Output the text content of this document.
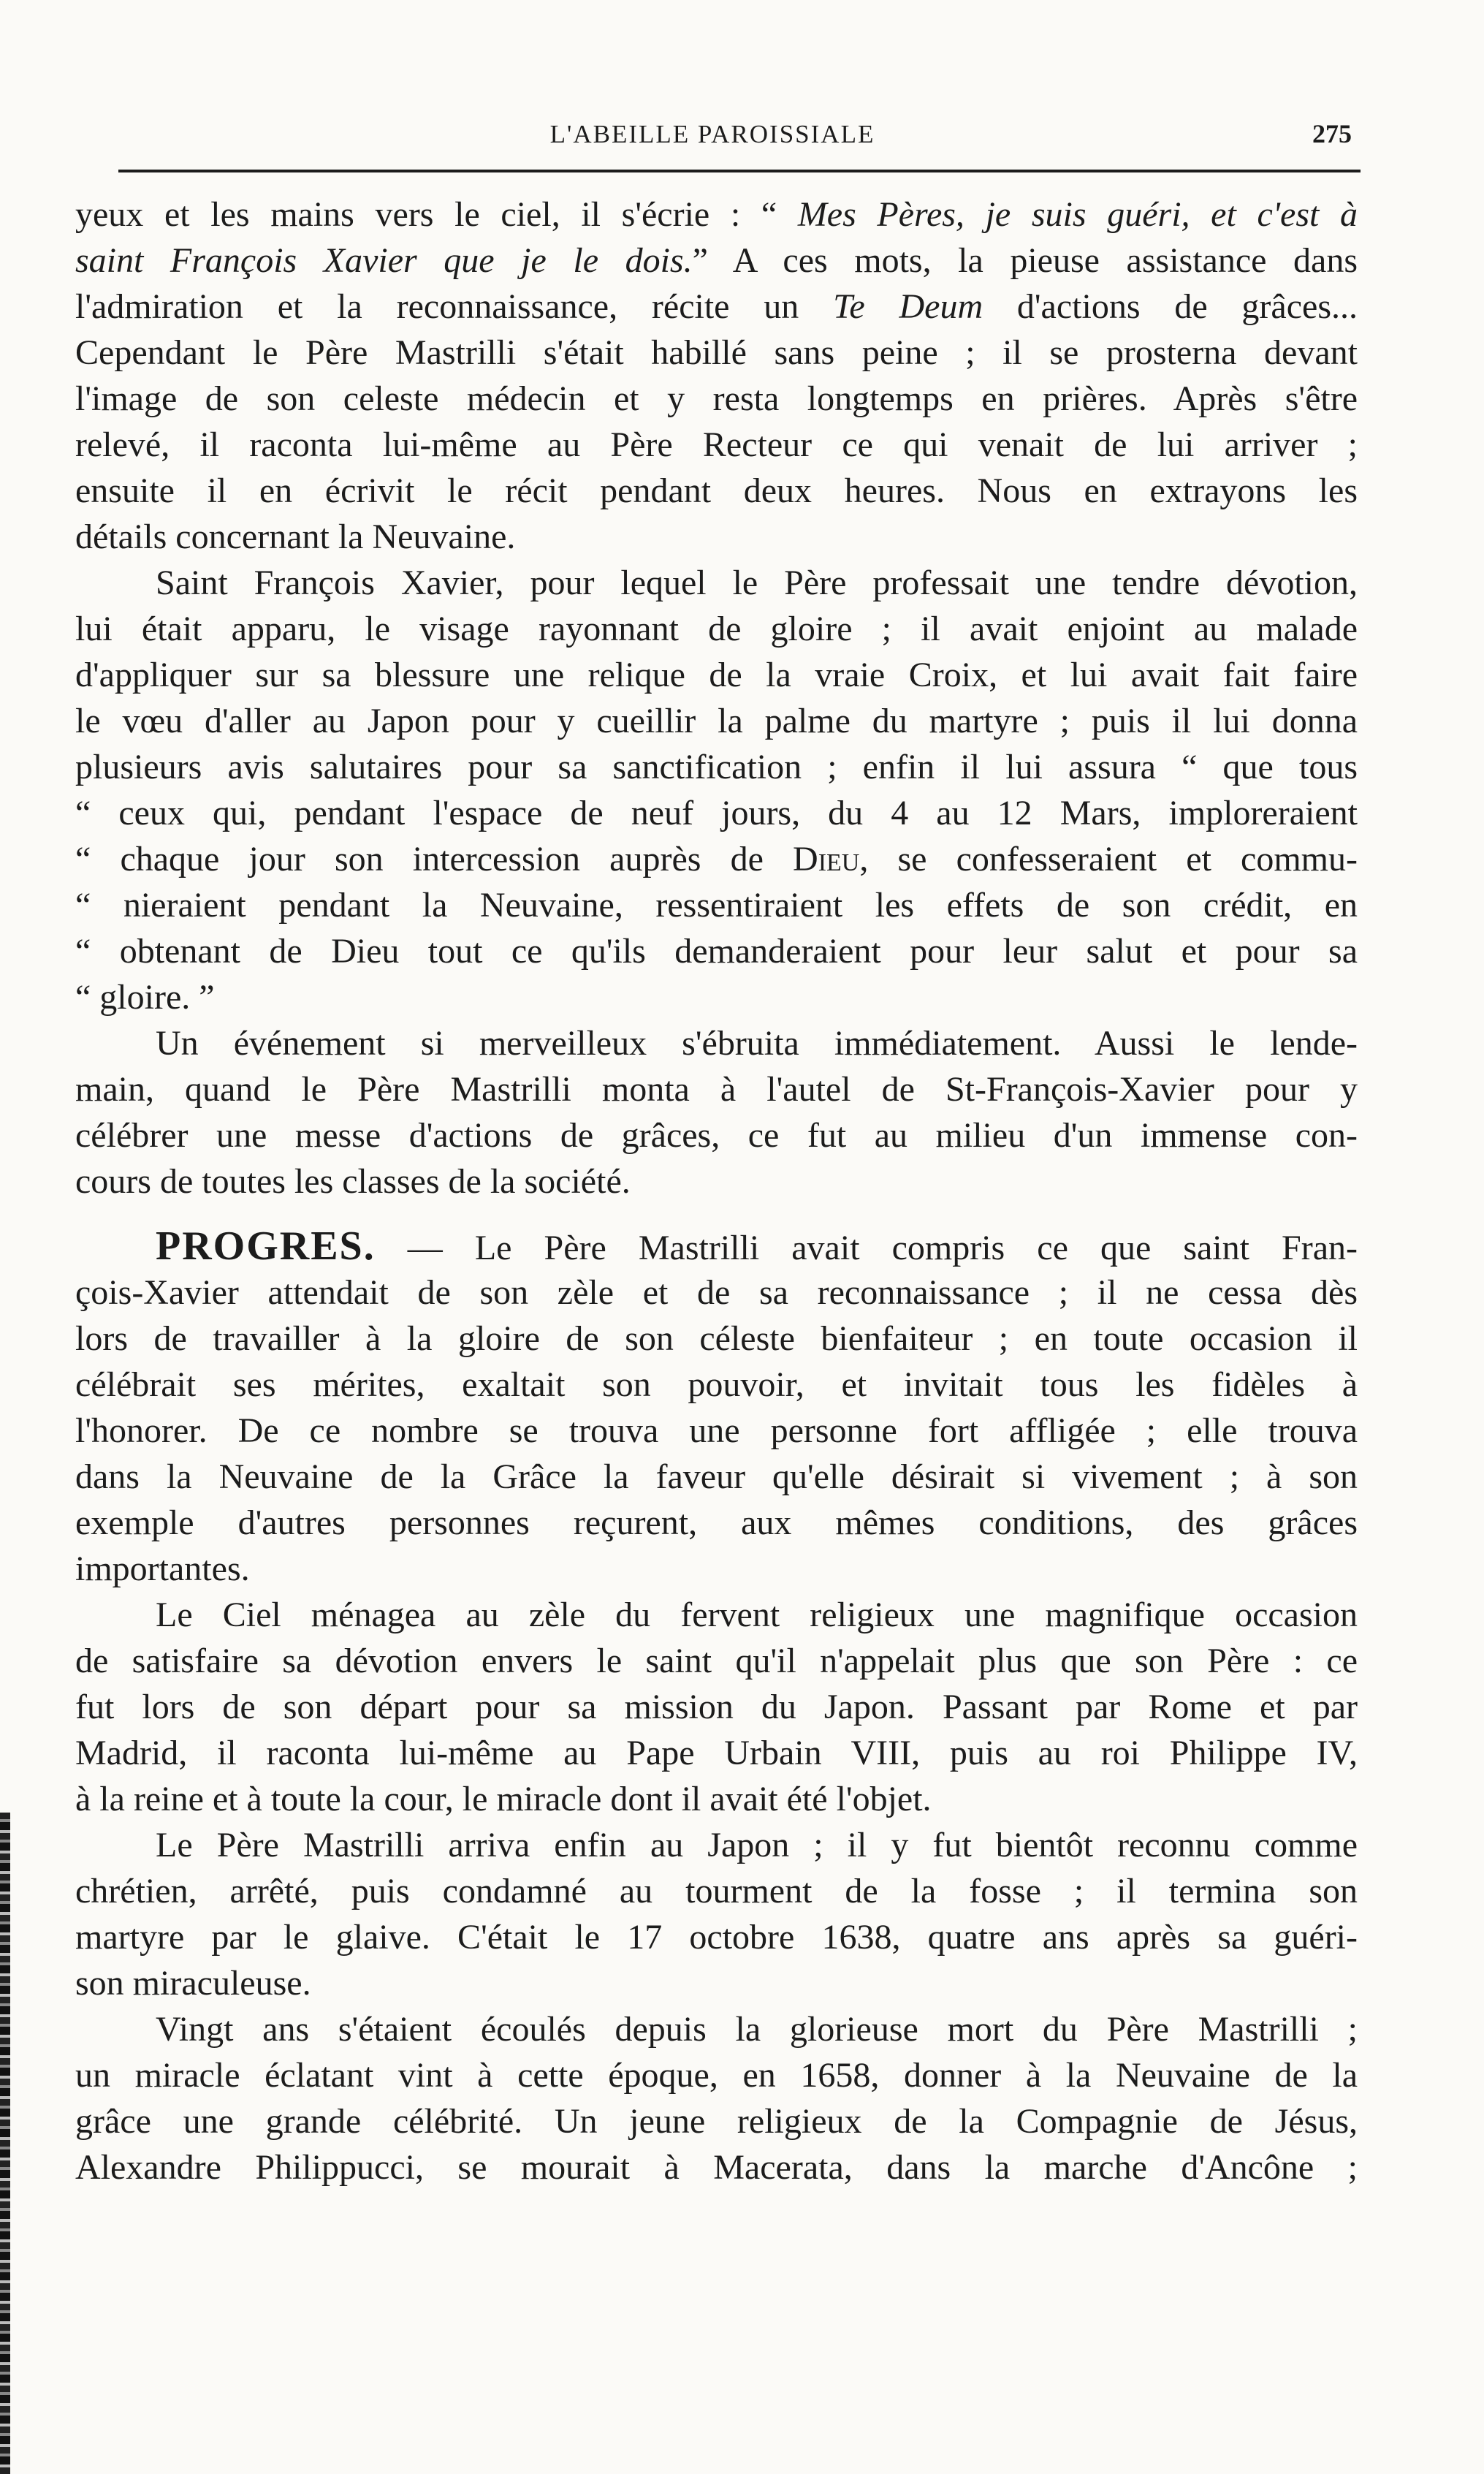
L'ABEILLE PAROISSIALE	275
yeux et les mains vers le ciel, il s'écrie : “ Mes Pères, je suis guéri, et c'est à
saint François Xavier que je le dois.” A ces mots, la pieuse assistance dans
l'admiration et la reconnaissance, récite un Te Deum d'actions de grâces...
Cependant le Père Mastrilli s'était habillé sans peine ; il se prosterna devant
l'image de son celeste médecin et y resta longtemps en prières. Après s'être
relevé, il raconta lui-même au Père Recteur ce qui venait de lui arriver ;
ensuite il en écrivit le récit pendant deux heures. Nous en extrayons les
détails concernant la Neuvaine.
Saint François Xavier, pour lequel le Père professait une tendre dévotion,
lui était apparu, le visage rayonnant de gloire ; il avait enjoint au malade
d'appliquer sur sa blessure une relique de la vraie Croix, et lui avait fait faire
le vœu d'aller au Japon pour y cueillir la palme du martyre ; puis il lui donna
plusieurs avis salutaires pour sa sanctification ; enfin il lui assura “ que tous
“ ceux qui, pendant l'espace de neuf jours, du 4 au 12 Mars, imploreraient
“ chaque jour son intercession auprès de Dieu, se confesseraient et commu-
“ nieraient pendant la Neuvaine, ressentiraient les effets de son crédit, en
“ obtenant de Dieu tout ce qu'ils demanderaient pour leur salut et pour sa
“ gloire. ”
Un événement si merveilleux s'ébruita immédiatement. Aussi le lende-
main, quand le Père Mastrilli monta à l'autel de St-François-Xavier pour y
célébrer une messe d'actions de grâces, ce fut au milieu d'un immense con-
cours de toutes les classes de la société.
PROGRES. — Le Père Mastrilli avait compris ce que saint Fran-
çois-Xavier attendait de son zèle et de sa reconnaissance ; il ne cessa dès
lors de travailler à la gloire de son céleste bienfaiteur ; en toute occasion il
célébrait ses mérites, exaltait son pouvoir, et invitait tous les fidèles à
l'honorer. De ce nombre se trouva une personne fort affligée ; elle trouva
dans la Neuvaine de la Grâce la faveur qu'elle désirait si vivement ; à son
exemple d'autres personnes reçurent, aux mêmes conditions, des grâces
importantes.
Le Ciel ménagea au zèle du fervent religieux une magnifique occasion
de satisfaire sa dévotion envers le saint qu'il n'appelait plus que son Père : ce
fut lors de son départ pour sa mission du Japon. Passant par Rome et par
Madrid, il raconta lui-même au Pape Urbain VIII, puis au roi Philippe IV,
à la reine et à toute la cour, le miracle dont il avait été l'objet.
Le Père Mastrilli arriva enfin au Japon ; il y fut bientôt reconnu comme
chrétien, arrêté, puis condamné au tourment de la fosse ; il termina son
martyre par le glaive. C'était le 17 octobre 1638, quatre ans après sa guéri-
son miraculeuse.
Vingt ans s'étaient écoulés depuis la glorieuse mort du Père Mastrilli ;
un miracle éclatant vint à cette époque, en 1658, donner à la Neuvaine de la
grâce une grande célébrité. Un jeune religieux de la Compagnie de Jésus,
Alexandre Philippucci, se mourait à Macerata, dans la marche d'Ancône ;
